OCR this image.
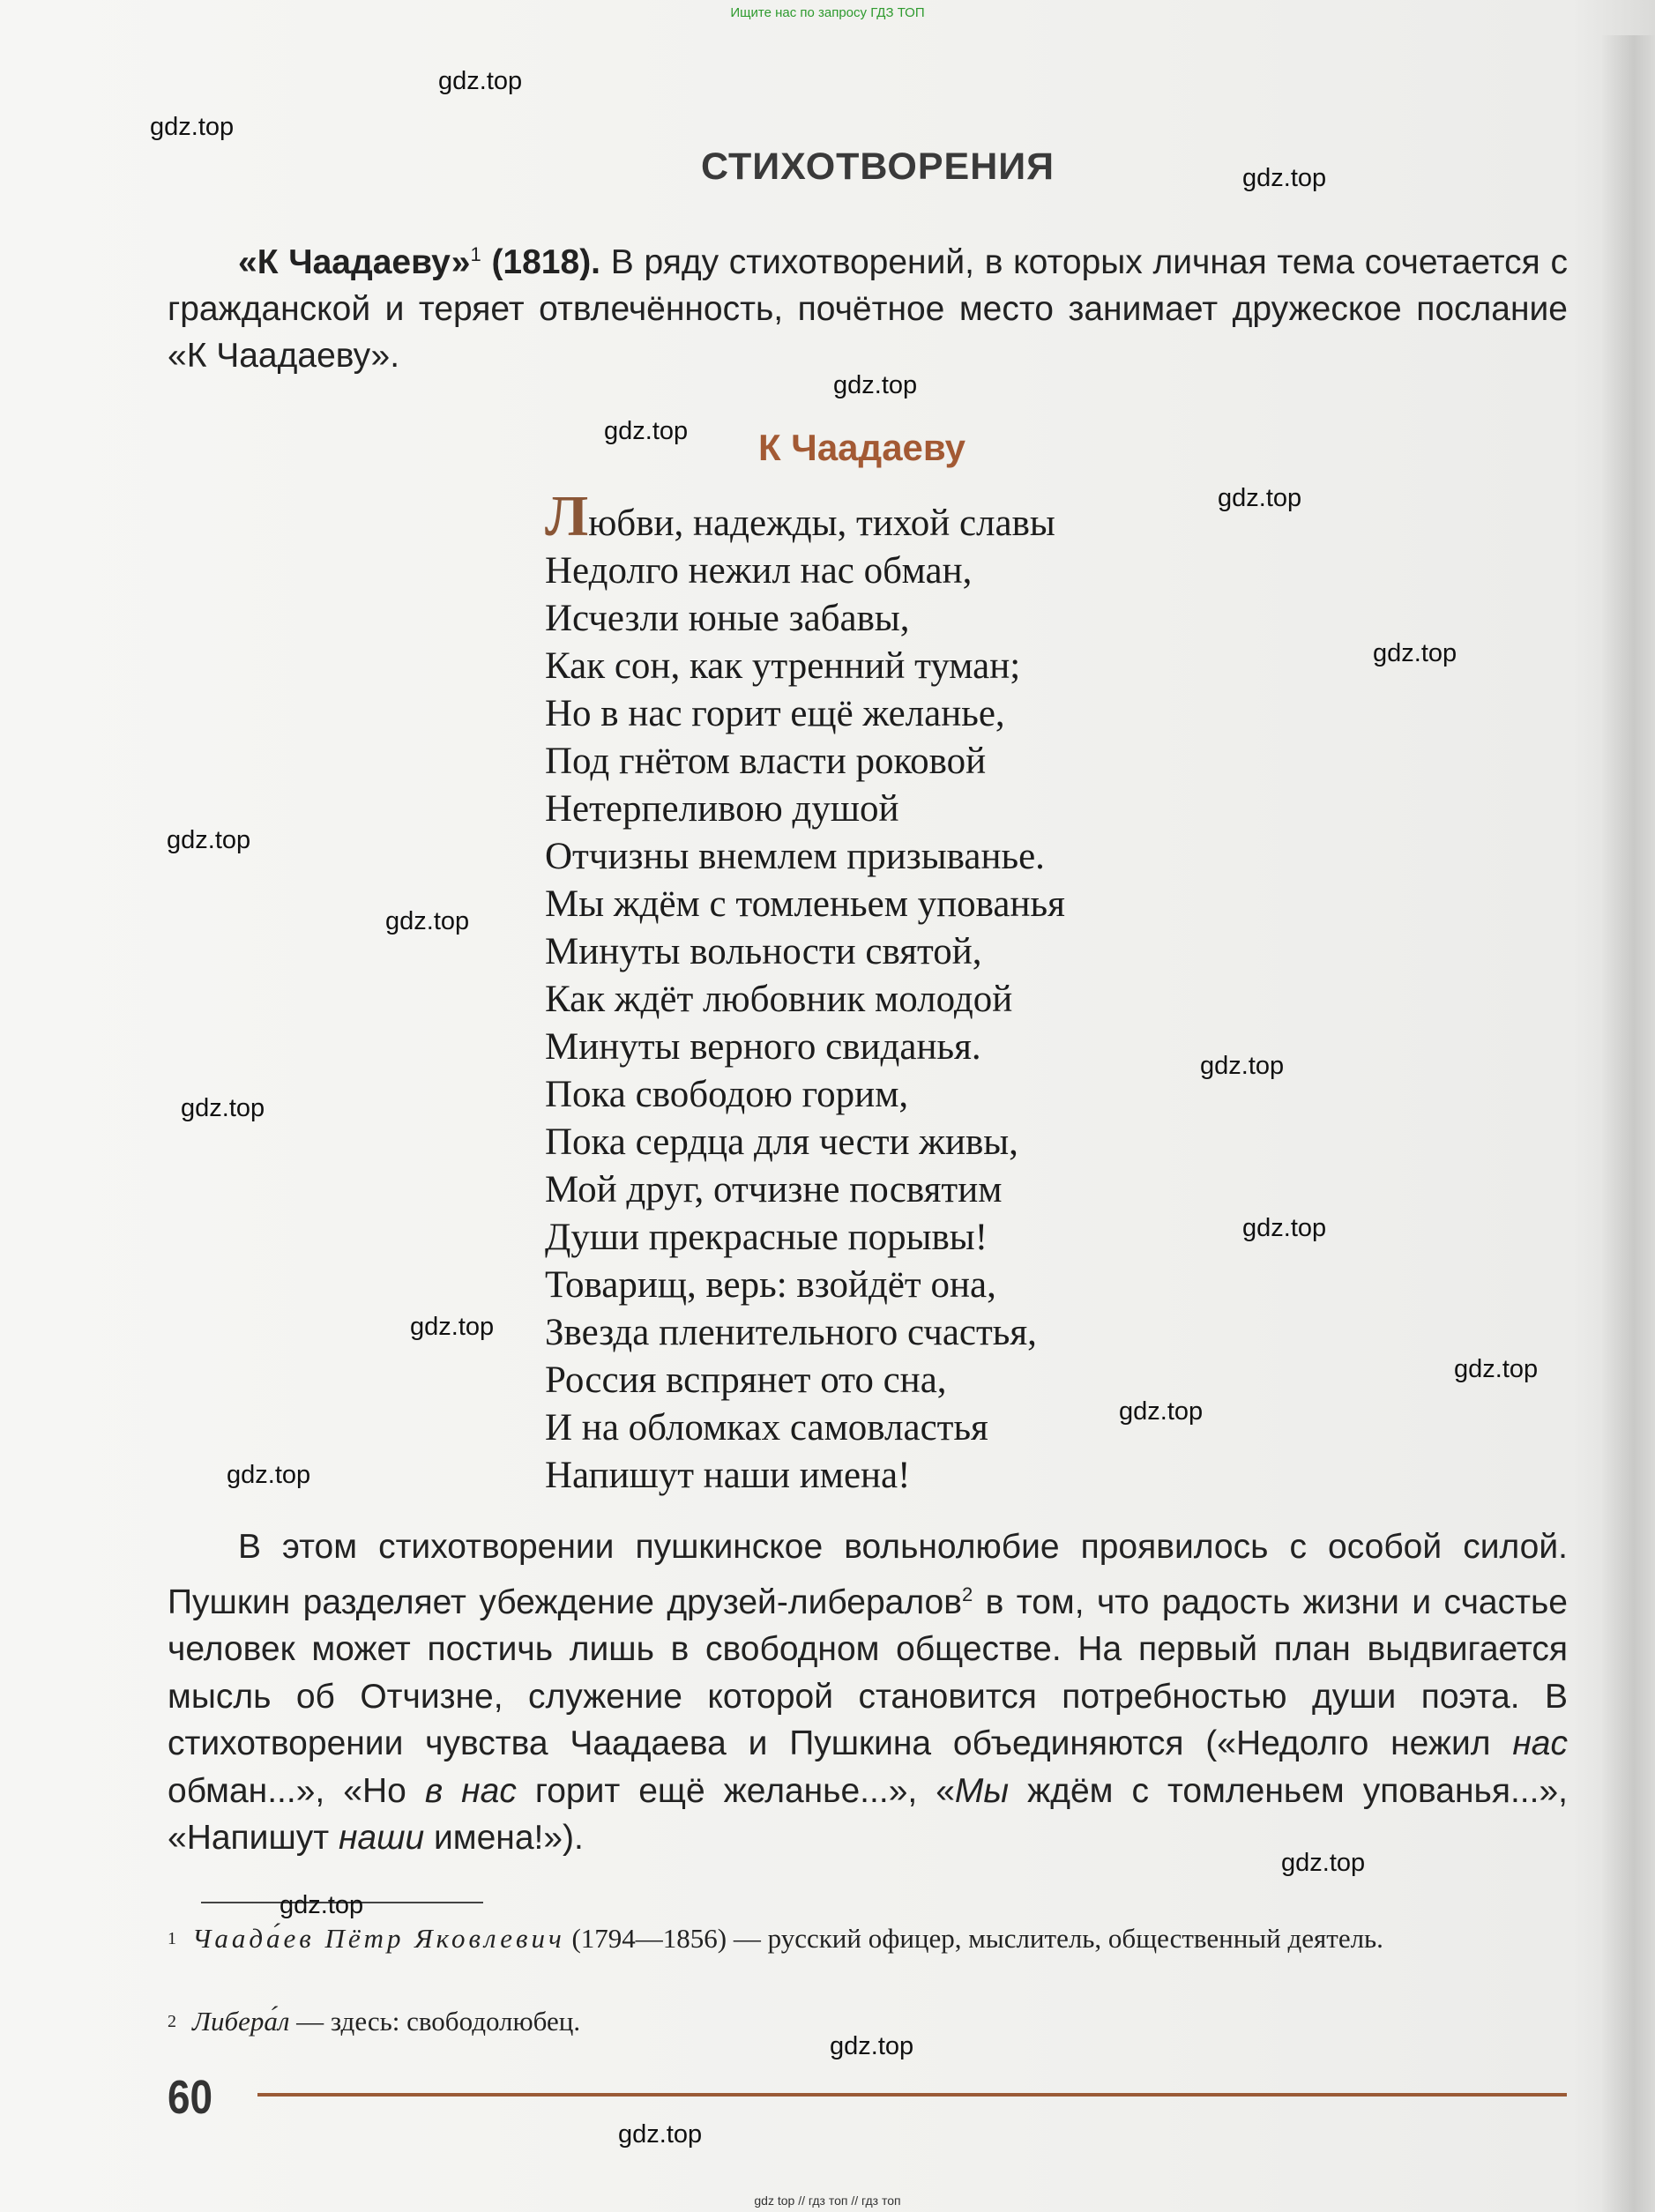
Ищите нас по запросу ГДЗ ТОП
СТИХОТВОРЕНИЯ
«К Чаадаеву»$^1$ (1818). В ряду стихотворений, в которых личная тема сочетается с гражданской и теряет отвлечённость, почётное место занимает дружеское послание «К Чаадаеву».
К Чаадаеву
Любви, надежды, тихой славы
Недолго нежил нас обман,
Исчезли юные забавы,
Как сон, как утренний туман;
Но в нас горит ещё желанье,
Под гнётом власти роковой
Нетерпеливою душой
Отчизны внемлем призыванье.
Мы ждём с томленьем упованья
Минуты вольности святой,
Как ждёт любовник молодой
Минуты верного свиданья.
Пока свободою горим,
Пока сердца для чести живы,
Мой друг, отчизне посвятим
Души прекрасные порывы!
Товарищ, верь: взойдёт она,
Звезда пленительного счастья,
Россия вспрянет ото сна,
И на обломках самовластья
Напишут наши имена!
В этом стихотворении пушкинское вольнолюбие проявилось с особой силой. Пушкин разделяет убеждение друзей-либералов$^2$ в том, что радость жизни и счастье человек может постичь лишь в свободном обществе. На первый план выдвигается мысль об Отчизне, служение которой становится потребностью души поэта. В стихотворении чувства Чаадаева и Пушкина объединяются («Недолго нежил нас обман...», «Но в нас горит ещё желанье...», «Мы ждём с томленьем упованья...», «Напишут наши имена!»).
$^1$ Чаада́ев Пётр Яковлевич (1794—1856) — русский офицер, мыслитель, общественный деятель.
$^2$ Либера́л — здесь: свободолюбец.
60
gdz.top
gdz.top
gdz.top
gdz.top
gdz.top
gdz.top
gdz.top
gdz.top
gdz.top
gdz.top
gdz.top
gdz.top
gdz.top
gdz.top
gdz.top
gdz.top
gdz.top
gdz.top
gdz.top
gdz.top
gdz top // гдз топ // гдз топ
